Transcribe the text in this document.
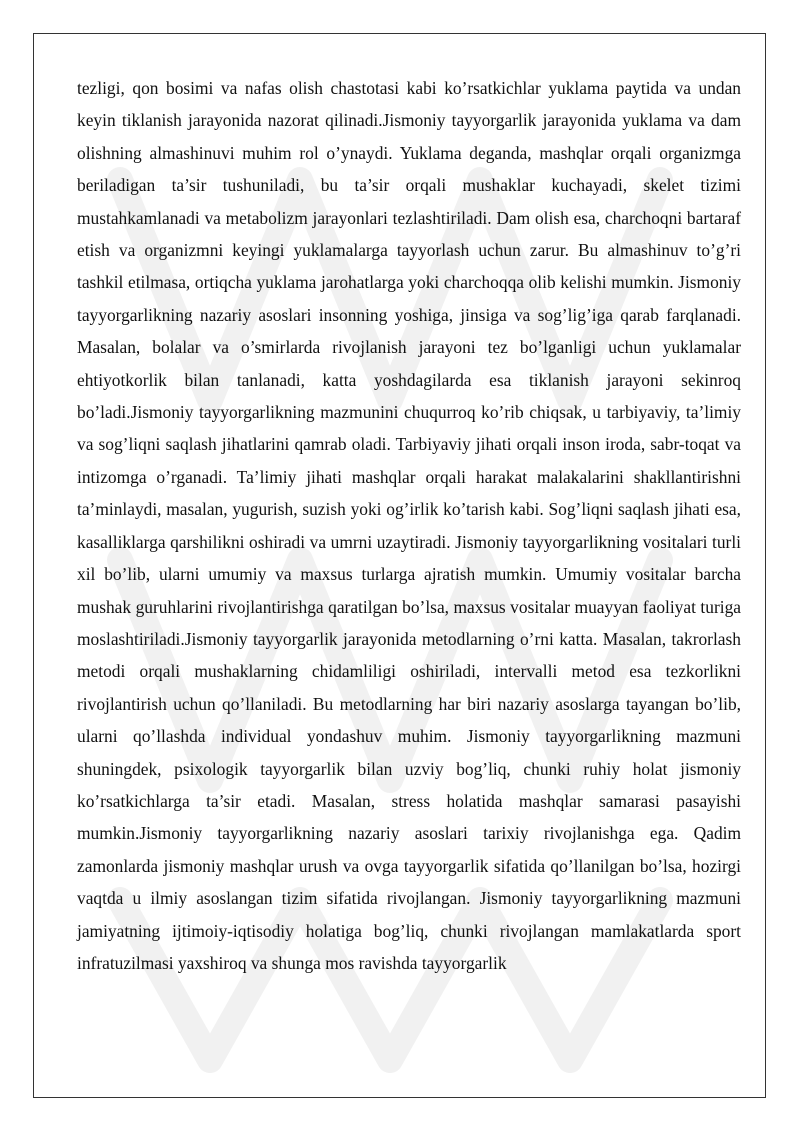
tezligi, qon bosimi va nafas olish chastotasi kabi ko’rsatkichlar yuklama paytida va undan keyin tiklanish jarayonida nazorat qilinadi.Jismoniy tayyorgarlik jarayonida yuklama va dam olishning almashinuvi muhim rol o’ynaydi. Yuklama deganda, mashqlar orqali organizmga beriladigan ta’sir tushuniladi, bu ta’sir orqali mushaklar kuchayadi, skelet tizimi mustahkamlanadi va metabolizm jarayonlari tezlashtiriladi. Dam olish esa, charchoqni bartaraf etish va organizmni keyingi yuklamalarga tayyorlash uchun zarur. Bu almashinuv to’g’ri tashkil etilmasa, ortiqcha yuklama jarohatlarga yoki charchoqqa olib kelishi mumkin. Jismoniy tayyorgarlikning nazariy asoslari insonning yoshiga, jinsiga va sog’lig’iga qarab farqlanadi. Masalan, bolalar va o’smirlarda rivojlanish jarayoni tez bo’lganligi uchun yuklamalar ehtiyotkorlik bilan tanlanadi, katta yoshdagilarda esa tiklanish jarayoni sekinroq bo’ladi.Jismoniy tayyorgarlikning mazmunini chuqurroq ko’rib chiqsak, u tarbiyaviy, ta’limiy va sog’liqni saqlash jihatlarini qamrab oladi. Tarbiyaviy jihati orqali inson iroda, sabr-toqat va intizomga o’rganadi. Ta’limiy jihati mashqlar orqali harakat malakalarini shakllantirishni ta’minlaydi, masalan, yugurish, suzish yoki og’irlik ko’tarish kabi. Sog’liqni saqlash jihati esa, kasalliklarga qarshilikni oshiradi va umrni uzaytiradi. Jismoniy tayyorgarlikning vositalari turli xil bo’lib, ularni umumiy va maxsus turlarga ajratish mumkin. Umumiy vositalar barcha mushak guruhlarini rivojlantirishga qaratilgan bo’lsa, maxsus vositalar muayyan faoliyat turiga moslashtiriladi.Jismoniy tayyorgarlik jarayonida metodlarning o’rni katta. Masalan, takrorlash metodi orqali mushaklarning chidamliligi oshiriladi, intervalli metod esa tezkorlikni rivojlantirish uchun qo’llaniladi. Bu metodlarning har biri nazariy asoslarga tayangan bo’lib, ularni qo’llashda individual yondashuv muhim. Jismoniy tayyorgarlikning mazmuni shuningdek, psixologik tayyorgarlik bilan uzviy bog’liq, chunki ruhiy holat jismoniy ko’rsatkichlarga ta’sir etadi. Masalan, stress holatida mashqlar samarasi pasayishi mumkin.Jismoniy tayyorgarlikning nazariy asoslari tarixiy rivojlanishga ega. Qadim zamonlarda jismoniy mashqlar urush va ovga tayyorgarlik sifatida qo’llanilgan bo’lsa, hozirgi vaqtda u ilmiy asoslangan tizim sifatida rivojlangan. Jismoniy tayyorgarlikning mazmuni jamiyatning ijtimoiy-iqtisodiy holatiga bog’liq, chunki rivojlangan mamlakatlarda sport infratuzilmasi yaxshiroq va shunga mos ravishda tayyorgarlik
